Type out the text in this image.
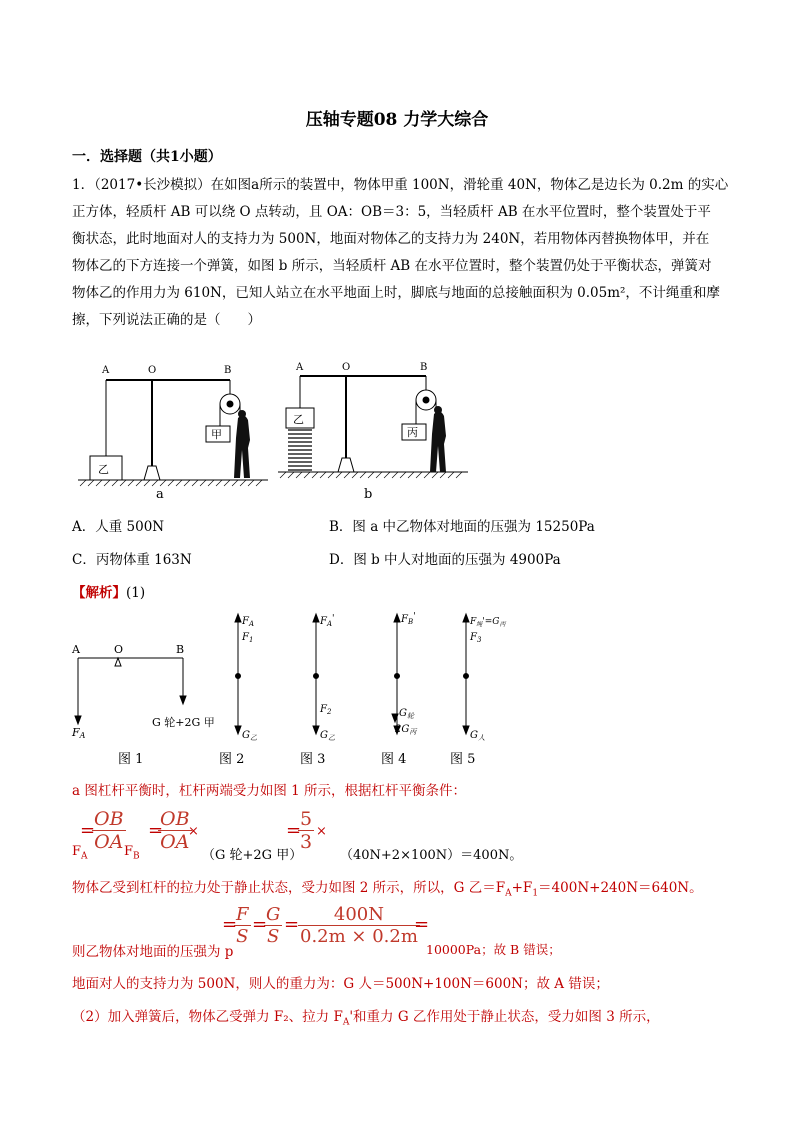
压轴专题08 力学大综合
一．选择题（共1小题）
1．（2017•长沙模拟）在如图a所示的装置中，物体甲重 100N，滑轮重 40N，物体乙是边长为 0.2m 的实心
正方体，轻质杆 AB 可以绕 O 点转动，且 OA：OB＝3：5，当轻质杆 AB 在水平位置时，整个装置处于平
衡状态，此时地面对人的支持力为 500N，地面对物体乙的支持力为 240N，若用物体丙替换物体甲，并在
物体乙的下方连接一个弹簧，如图 b 所示，当轻质杆 AB 在水平位置时，整个装置仍处于平衡状态，弹簧对
物体乙的作用力为 610N，已知人站立在水平地面上时，脚底与地面的总接触面积为 0.05m²，不计绳重和摩
擦，下列说法正确的是（　　）
A	O	B
乙
甲
a
A	O	B
乙
丙
b
A．人重 500N	B．图 a 中乙物体对地面的压强为 15250Pa
C．丙物体重 163N	D．图 b 中人对地面的压强为 4900Pa
【解析】(1)
A	O	B
FA
G 轮+2G 甲
$F_A$
$F_1$
$G_乙$
$F_A'$
$F_2$
$G_乙$
$F_B'$
$G_轮$
$2G_丙$
$F_绳'=G_丙$
$F_3$
$G_人$
图 1	图 2	图 3	图 4	图 5
a 图杠杆平衡时，杠杆两端受力如图 1 所示，根据杠杆平衡条件：
$F_A$
=
$\frac{OB}{OA}$
$F_B$
=
$\frac{OB}{OA}$
×
（G 轮+2G 甲）
=
$\frac{5}{3}$ ×
（40N+2×100N）＝400N。
物体乙受到杠杆的拉力处于静止状态，受力如图 2 所示，所以，G 乙$=F_A+F_1=400N+240N=640N$。
则乙物体对地面的压强为 p
=
$\frac{F}{S}$ =
$\frac{G}{S}$ =
$\frac{400N}{0.2m \times 0.2m}$
=
10000Pa；故 B 错误；
地面对人的支持力为 500N，则人的重力为：G 人＝500N+100N＝600N；故 A 错误；
（2）加入弹簧后，物体乙受弹力 F₂、拉力 $F_A'$和重力 G 乙作用处于静止状态，受力如图 3 所示，
